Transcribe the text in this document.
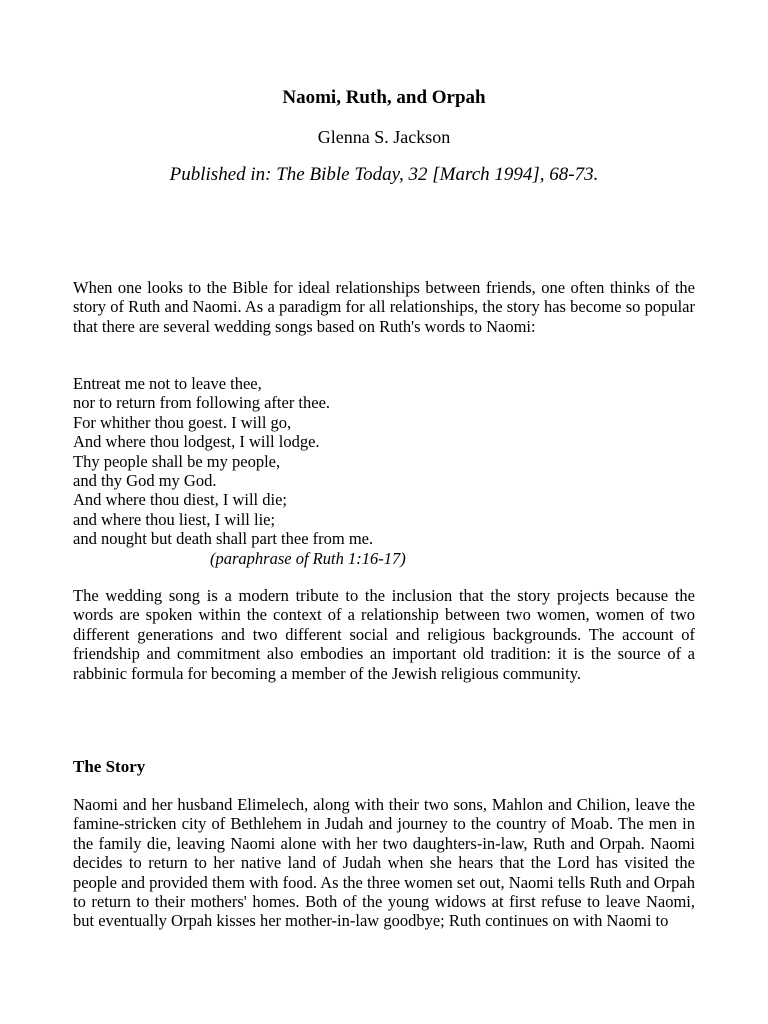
Naomi, Ruth, and Orpah
Glenna S. Jackson
Published in: The Bible Today, 32 [March 1994], 68-73.
When one looks to the Bible for ideal relationships between friends, one often thinks of the story of Ruth and Naomi. As a paradigm for all relationships, the story has become so popular that there are several wedding songs based on Ruth's words to Naomi:
Entreat me not to leave thee,
nor to return from following after thee.
For whither thou goest. I will go,
And where thou lodgest, I will lodge.
Thy people shall be my people,
and thy God my God.
And where thou diest, I will die;
and where thou liest, I will lie;
and nought but death shall part thee from me.
(paraphrase of Ruth 1:16-17)
The wedding song is a modern tribute to the inclusion that the story projects because the words are spoken within the context of a relationship between two women, women of two different generations and two different social and religious backgrounds. The account of friendship and commitment also embodies an important old tradition: it is the source of a rabbinic formula for becoming a member of the Jewish religious community.
The Story
Naomi and her husband Elimelech, along with their two sons, Mahlon and Chilion, leave the famine-stricken city of Bethlehem in Judah and journey to the country of Moab. The men in the family die, leaving Naomi alone with her two daughters-in-law, Ruth and Orpah. Naomi decides to return to her native land of Judah when she hears that the Lord has visited the people and provided them with food. As the three women set out, Naomi tells Ruth and Orpah to return to their mothers' homes. Both of the young widows at first refuse to leave Naomi, but eventually Orpah kisses her mother-in-law goodbye; Ruth continues on with Naomi to
